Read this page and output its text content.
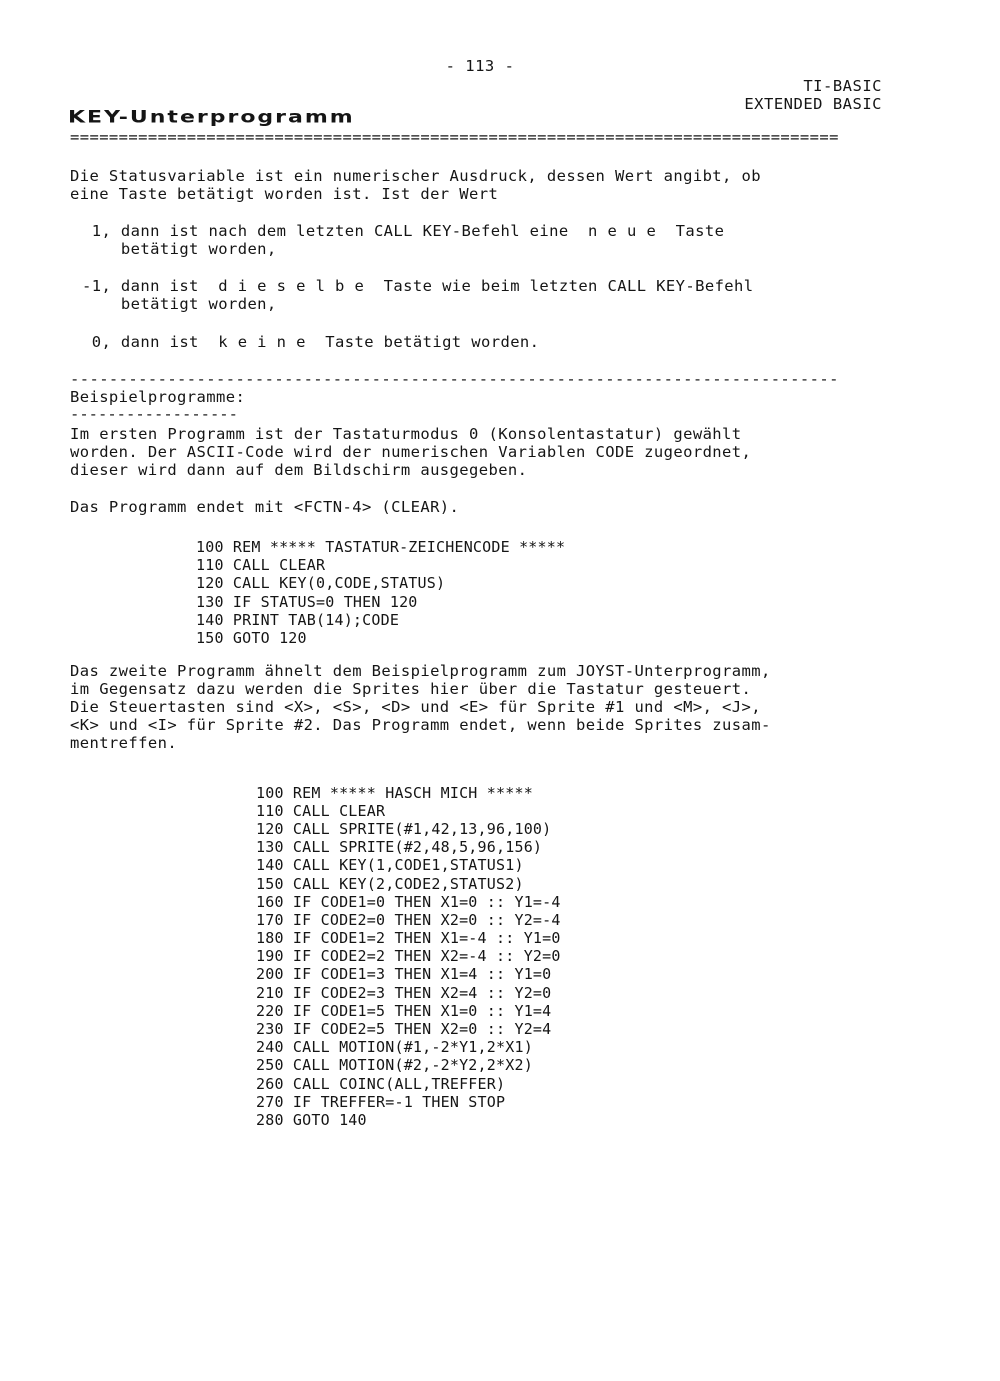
- 113 -
TI-BASIC
EXTENDED BASIC
KEY-Unterprogramm
===============================================================================
Die Statusvariable ist ein numerischer Ausdruck, dessen Wert angibt, ob
eine Taste betätigt worden ist. Ist der Wert
1, dann ist nach dem letzten CALL KEY-Befehl eine  n e u e  Taste
betätigt worden,
-1, dann ist  d i e s e l b e  Taste wie beim letzten CALL KEY-Befehl
betätigt worden,
0, dann ist  k e i n e  Taste betätigt worden.
-------------------------------------------------------------------------------
Beispielprogramme:
------------------
Im ersten Programm ist der Tastaturmodus 0 (Konsolentastatur) gewählt
worden. Der ASCII-Code wird der numerischen Variablen CODE zugeordnet,
dieser wird dann auf dem Bildschirm ausgegeben.
Das Programm endet mit <FCTN-4> (CLEAR).
100 REM ***** TASTATUR-ZEICHENCODE *****
110 CALL CLEAR
120 CALL KEY(0,CODE,STATUS)
130 IF STATUS=0 THEN 120
140 PRINT TAB(14);CODE
150 GOTO 120
Das zweite Programm ähnelt dem Beispielprogramm zum JOYST-Unterprogramm,
im Gegensatz dazu werden die Sprites hier über die Tastatur gesteuert.
Die Steuertasten sind <X>, <S>, <D> und <E> für Sprite #1 und <M>, <J>,
<K> und <I> für Sprite #2. Das Programm endet, wenn beide Sprites zusam-
mentreffen.
100 REM ***** HASCH MICH *****
110 CALL CLEAR
120 CALL SPRITE(#1,42,13,96,100)
130 CALL SPRITE(#2,48,5,96,156)
140 CALL KEY(1,CODE1,STATUS1)
150 CALL KEY(2,CODE2,STATUS2)
160 IF CODE1=0 THEN X1=0 :: Y1=-4
170 IF CODE2=0 THEN X2=0 :: Y2=-4
180 IF CODE1=2 THEN X1=-4 :: Y1=0
190 IF CODE2=2 THEN X2=-4 :: Y2=0
200 IF CODE1=3 THEN X1=4 :: Y1=0
210 IF CODE2=3 THEN X2=4 :: Y2=0
220 IF CODE1=5 THEN X1=0 :: Y1=4
230 IF CODE2=5 THEN X2=0 :: Y2=4
240 CALL MOTION(#1,-2*Y1,2*X1)
250 CALL MOTION(#2,-2*Y2,2*X2)
260 CALL COINC(ALL,TREFFER)
270 IF TREFFER=-1 THEN STOP
280 GOTO 140
